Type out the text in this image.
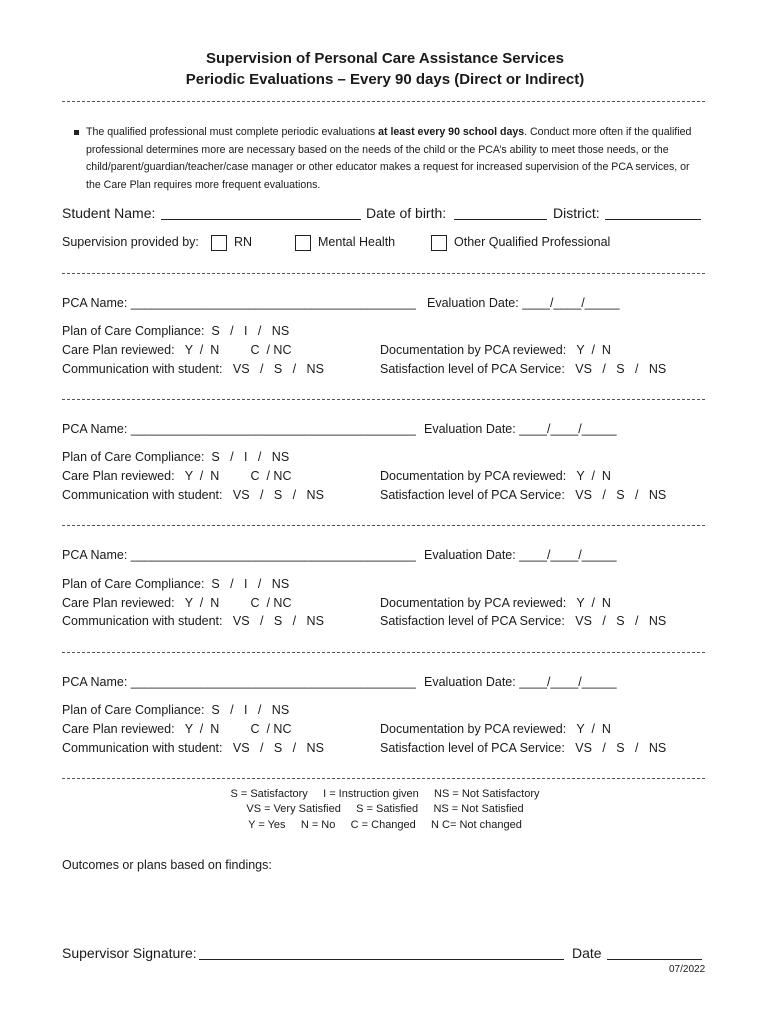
Supervision of Personal Care Assistance Services
Periodic Evaluations – Every 90 days (Direct or Indirect)
The qualified professional must complete periodic evaluations at least every 90 school days. Conduct more often if the qualified professional determines more are necessary based on the needs of the child or the PCA’s ability to meet those needs, or the child/parent/guardian/teacher/case manager or other educator makes a request for increased supervision of the PCA services, or the Care Plan requires more frequent evaluations.
Student Name:	Date of birth:	District:
Supervision provided by:	RN	Mental Health	Other Qualified Professional
PCA Name: _________________________________________ Evaluation Date: ____/____/_____
Plan of Care Compliance:  S   /   I   /   NS
Care Plan reviewed:   Y  /  N         C  / NC	Documentation by PCA reviewed:   Y  /  N
Communication with student:   VS   /   S   /   NS	Satisfaction level of PCA Service:   VS   /   S   /   NS
PCA Name: _________________________________________ Evaluation Date: ____/____/_____
Plan of Care Compliance:  S   /   I   /   NS
Care Plan reviewed:   Y  /  N         C  / NC	Documentation by PCA reviewed:   Y  /  N
Communication with student:   VS   /   S   /   NS	Satisfaction level of PCA Service:   VS   /   S   /   NS
PCA Name: _________________________________________ Evaluation Date: ____/____/_____
Plan of Care Compliance:  S   /   I   /   NS
Care Plan reviewed:   Y  /  N         C  / NC	Documentation by PCA reviewed:   Y  /  N
Communication with student:   VS   /   S   /   NS	Satisfaction level of PCA Service:   VS   /   S   /   NS
PCA Name: _________________________________________ Evaluation Date: ____/____/_____
Plan of Care Compliance:  S   /   I   /   NS
Care Plan reviewed:   Y  /  N         C  / NC	Documentation by PCA reviewed:   Y  /  N
Communication with student:   VS   /   S   /   NS	Satisfaction level of PCA Service:   VS   /   S   /   NS
S = Satisfactory     I = Instruction given     NS = Not Satisfactory
VS = Very Satisfied     S = Satisfied     NS = Not Satisfied
Y = Yes     N = No     C = Changed     N C= Not changed
Outcomes or plans based on findings:
Supervisor Signature:	Date
07/2022
